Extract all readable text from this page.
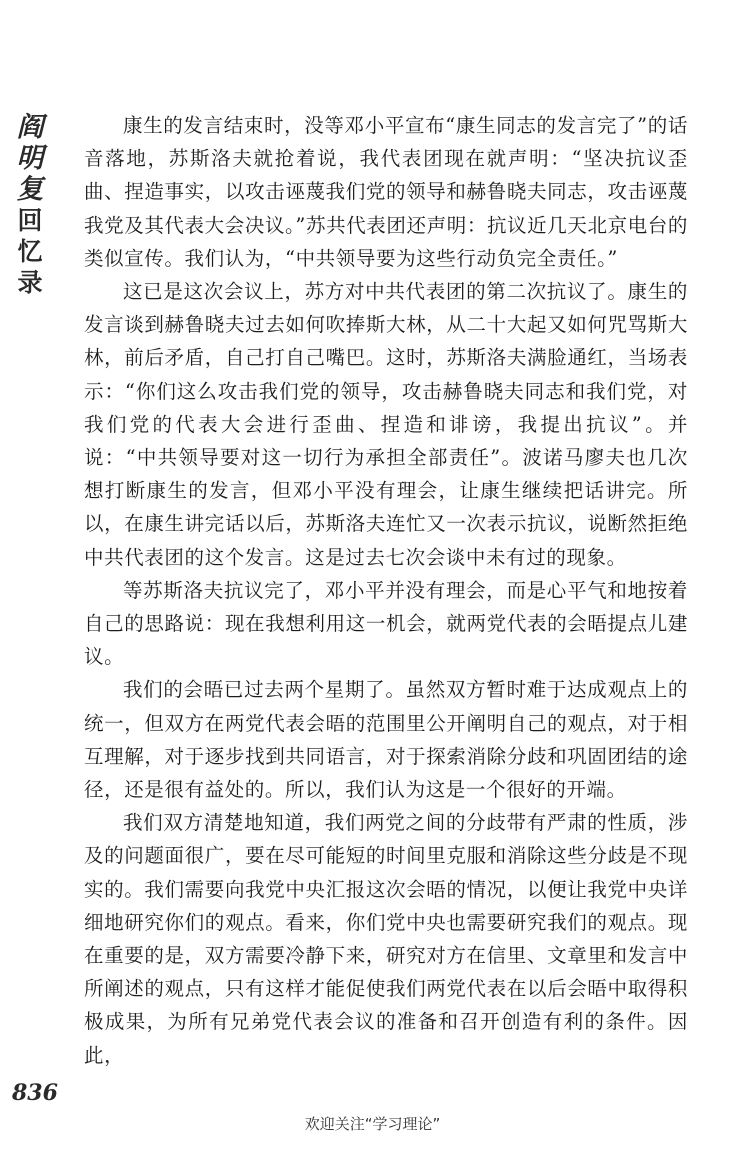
阎
明
复
回
忆
录

康生的发言结束时，没等邓小平宣布“康生同志的发言完了”的话音落地，苏斯洛夫就抢着说，我代表团现在就声明：“坚决抗议歪曲、捏造事实，以攻击诬蔑我们党的领导和赫鲁晓夫同志，攻击诬蔑我党及其代表大会决议。”苏共代表团还声明：抗议近几天北京电台的类似宣传。我们认为，“中共领导要为这些行动负完全责任。”

这已是这次会议上，苏方对中共代表团的第二次抗议了。康生的发言谈到赫鲁晓夫过去如何吹捧斯大林，从二十大起又如何咒骂斯大林，前后矛盾，自己打自己嘴巴。这时，苏斯洛夫满脸通红，当场表示：“你们这么攻击我们党的领导，攻击赫鲁晓夫同志和我们党，对我们党的代表大会进行歪曲、捏造和诽谤，我提出抗议”。并说：“中共领导要对这一切行为承担全部责任”。波诺马廖夫也几次想打断康生的发言，但邓小平没有理会，让康生继续把话讲完。所以，在康生讲完话以后，苏斯洛夫连忙又一次表示抗议，说断然拒绝中共代表团的这个发言。这是过去七次会谈中未有过的现象。

等苏斯洛夫抗议完了，邓小平并没有理会，而是心平气和地按着自己的思路说：现在我想利用这一机会，就两党代表的会晤提点儿建议。

我们的会晤已过去两个星期了。虽然双方暂时难于达成观点上的统一，但双方在两党代表会晤的范围里公开阐明自己的观点，对于相互理解，对于逐步找到共同语言，对于探索消除分歧和巩固团结的途径，还是很有益处的。所以，我们认为这是一个很好的开端。

我们双方清楚地知道，我们两党之间的分歧带有严肃的性质，涉及的问题面很广，要在尽可能短的时间里克服和消除这些分歧是不现实的。我们需要向我党中央汇报这次会晤的情况，以便让我党中央详细地研究你们的观点。看来，你们党中央也需要研究我们的观点。现在重要的是，双方需要冷静下来，研究对方在信里、文章里和发言中所阐述的观点，只有这样才能促使我们两党代表在以后会晤中取得积极成果，为所有兄弟党代表会议的准备和召开创造有利的条件。因此，

836
欢迎关注“学习理论”
